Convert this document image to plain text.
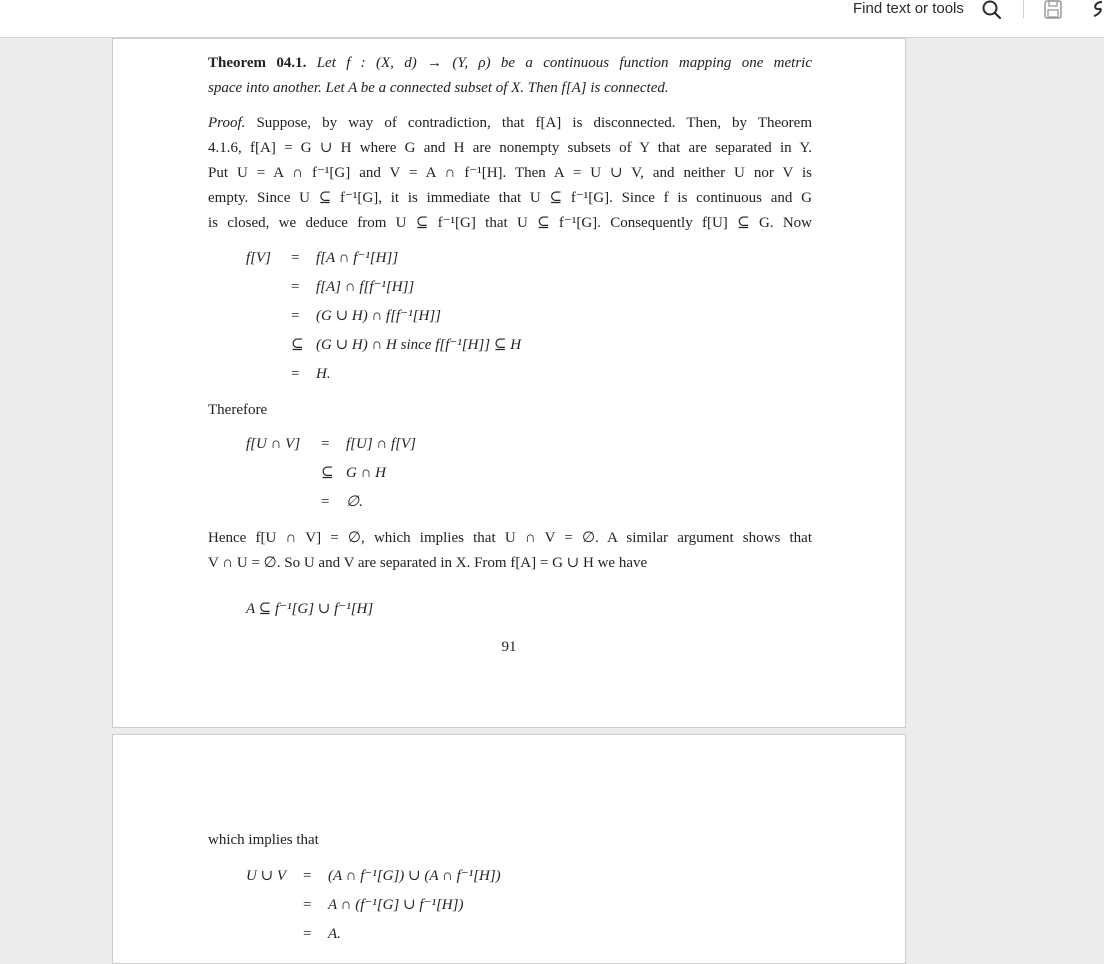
Find text or tools
Theorem 04.1. Let f : (X, d) → (Y, ρ) be a continuous function mapping one metric
space into another. Let A be a connected subset of X. Then f[A] is connected.
Proof. Suppose, by way of contradiction, that f[A] is disconnected. Then, by Theorem
4.1.6, f[A] = G ∪ H where G and H are nonempty subsets of Y that are separated in Y.
Put U = A ∩ f⁻¹[G] and V = A ∩ f⁻¹[H]. Then A = U ∪ V, and neither U nor V is
empty. Since U ⊆ f⁻¹[G], it is immediate that U ⊆ f⁻¹[G]. Since f is continuous and G
is closed, we deduce from U ⊆ f⁻¹[G] that U ⊆ f⁻¹[G]. Consequently f[U] ⊆ G. Now
f[V] = f[A ∩ f⁻¹[H]]
= f[A] ∩ f[f⁻¹[H]]
= (G ∪ H) ∩ f[f⁻¹[H]]
⊆ (G ∪ H) ∩ H since f[f⁻¹[H]] ⊆ H
= H.
Therefore
f[U ∩ V] = f[U] ∩ f[V]
⊆ G ∩ H
= ∅.
Hence f[U ∩ V] = ∅, which implies that U ∩ V = ∅. A similar argument shows that
V ∩ U = ∅. So U and V are separated in X. From f[A] = G ∪ H we have
A ⊆ f⁻¹[G] ∪ f⁻¹[H]
91
which implies that
U ∪ V = (A ∩ f⁻¹[G]) ∪ (A ∩ f⁻¹[H])
= A ∩ (f⁻¹[G] ∪ f⁻¹[H])
= A.
